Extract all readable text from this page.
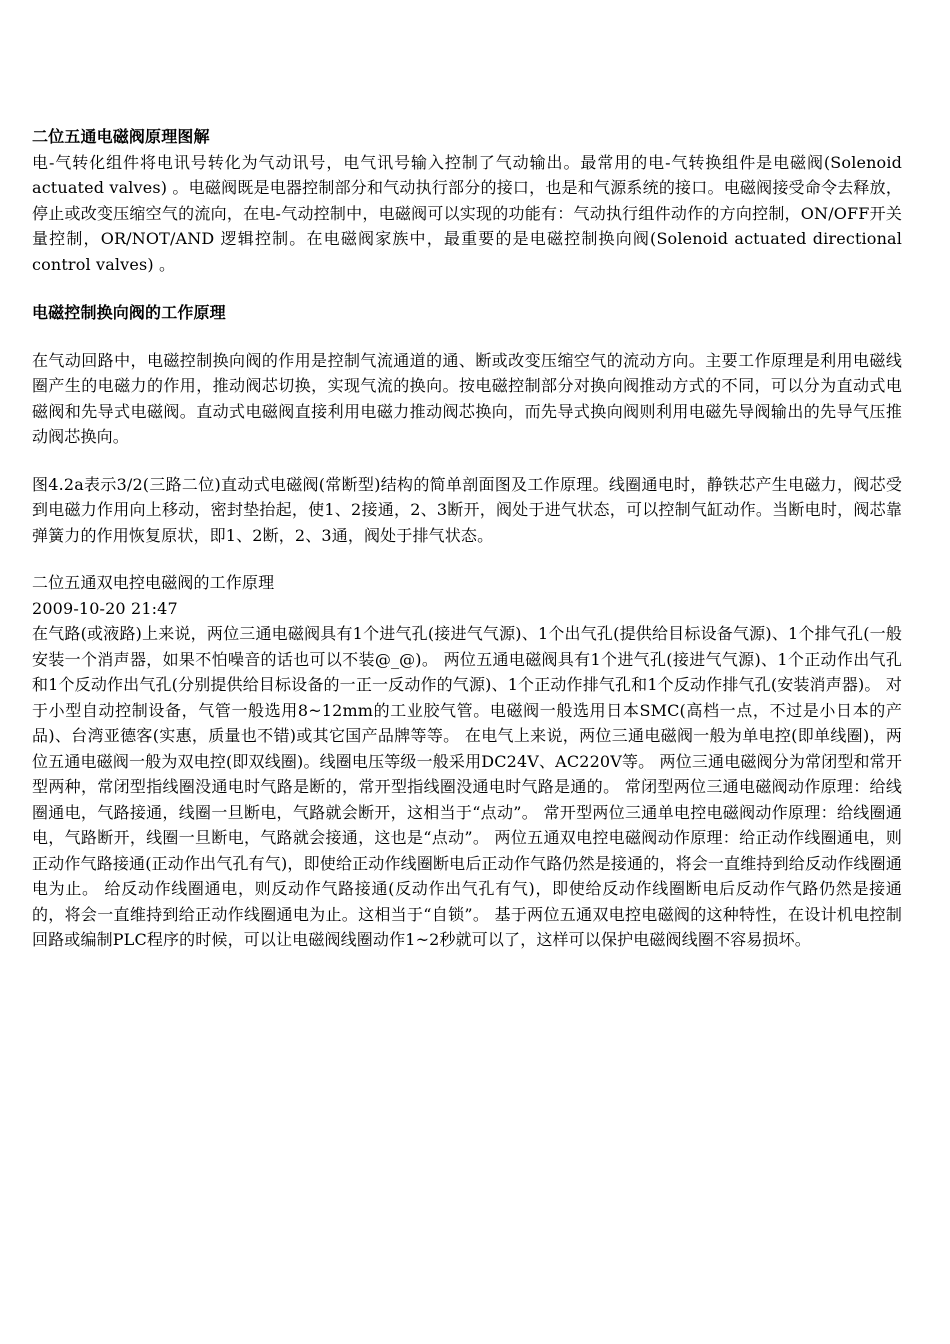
二位五通电磁阀原理图解

电-气转化组件将电讯号转化为气动讯号，电气讯号输入控制了气动输出。最常用的电-气转换组件是电磁阀(Solenoid actuated valves) 。电磁阀既是电器控制部分和气动执行部分的接口，也是和气源系统的接口。电磁阀接受命令去释放，停止或改变压缩空气的流向，在电-气动控制中，电磁阀可以实现的功能有：气动执行组件动作的方向控制，ON/OFF开关量控制，OR/NOT/AND 逻辑控制。在电磁阀家族中，最重要的是电磁控制换向阀(Solenoid actuated directional control valves) 。

电磁控制换向阀的工作原理

在气动回路中，电磁控制换向阀的作用是控制气流通道的通、断或改变压缩空气的流动方向。主要工作原理是利用电磁线圈产生的电磁力的作用，推动阀芯切换，实现气流的换向。按电磁控制部分对换向阀推动方式的不同，可以分为直动式电磁阀和先导式电磁阀。直动式电磁阀直接利用电磁力推动阀芯换向，而先导式换向阀则利用电磁先导阀输出的先导气压推动阀芯换向。

图4.2a表示3/2(三路二位)直动式电磁阀(常断型)结构的简单剖面图及工作原理。线圈通电时，静铁芯产生电磁力，阀芯受到电磁力作用向上移动，密封垫抬起，使1、2接通，2、3断开，阀处于进气状态，可以控制气缸动作。当断电时，阀芯靠弹簧力的作用恢复原状，即1、2断，2、3通，阀处于排气状态。

二位五通双电控电磁阀的工作原理

2009-10-20 21:47

在气路(或液路)上来说，两位三通电磁阀具有1个进气孔(接进气气源)、1个出气孔(提供给目标设备气源)、1个排气孔(一般安装一个消声器，如果不怕噪音的话也可以不装@_@)。 两位五通电磁阀具有1个进气孔(接进气气源)、1个正动作出气孔和1个反动作出气孔(分别提供给目标设备的一正一反动作的气源)、1个正动作排气孔和1个反动作排气孔(安装消声器)。 对于小型自动控制设备，气管一般选用8~12mm的工业胶气管。电磁阀一般选用日本SMC(高档一点，不过是小日本的产品)、台湾亚德客(实惠，质量也不错)或其它国产品牌等等。 在电气上来说，两位三通电磁阀一般为单电控(即单线圈)，两位五通电磁阀一般为双电控(即双线圈)。线圈电压等级一般采用DC24V、AC220V等。 两位三通电磁阀分为常闭型和常开型两种，常闭型指线圈没通电时气路是断的，常开型指线圈没通电时气路是通的。 常闭型两位三通电磁阀动作原理：给线圈通电，气路接通，线圈一旦断电，气路就会断开，这相当于“点动”。 常开型两位三通单电控电磁阀动作原理：给线圈通电，气路断开，线圈一旦断电，气路就会接通，这也是“点动”。 两位五通双电控电磁阀动作原理：给正动作线圈通电，则正动作气路接通(正动作出气孔有气)，即使给正动作线圈断电后正动作气路仍然是接通的，将会一直维持到给反动作线圈通电为止。 给反动作线圈通电，则反动作气路接通(反动作出气孔有气)，即使给反动作线圈断电后反动作气路仍然是接通的，将会一直维持到给正动作线圈通电为止。这相当于“自锁”。 基于两位五通双电控电磁阀的这种特性，在设计机电控制回路或编制PLC程序的时候，可以让电磁阀线圈动作1~2秒就可以了，这样可以保护电磁阀线圈不容易损坏。
